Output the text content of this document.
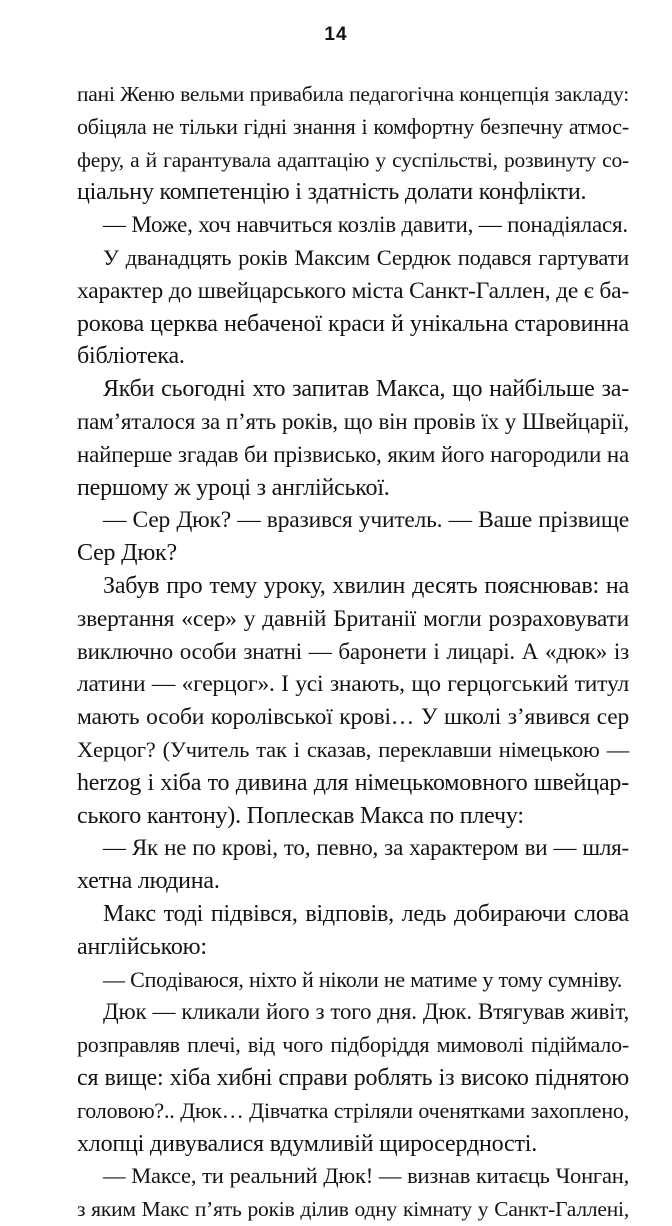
14
пані Женю вельми привабила педагогічна концепція закладу:
обіцяла не тільки гідні знання і комфортну безпечну атмос-
феру, а й гарантувала адаптацію у суспільстві, розвинуту со-
ціальну компетенцію і здатність долати конфлікти.
— Може, хоч навчиться козлів давити, — понадіялася.
У дванадцять років Максим Сердюк подався гартувати
характер до швейцарського міста Санкт-Галлен, де є ба-
рокова церква небаченої краси й унікальна старовинна
бібліотека.
Якби сьогодні хто запитав Макса, що найбільше за-
пам’яталося за п’ять років, що він провів їх у Швейцарії,
найперше згадав би прізвисько, яким його нагородили на
першому ж уроці з англійської.
— Сер Дюк? — вразився учитель. — Ваше прізвище
Сер Дюк?
Забув про тему уроку, хвилин десять пояснював: на
звертання «сер» у давній Британії могли розраховувати
виключно особи знатні — баронети і лицарі. А «дюк» із
латини — «герцог». І усі знають, що герцогський титул
мають особи королівської крові… У школі з’явився сер
Херцог? (Учитель так і сказав, переклавши німецькою —
herzog і хіба то дивина для німецькомовного швейцар-
ського кантону). Поплескав Макса по плечу:
— Як не по крові, то, певно, за характером ви — шля-
хетна людина.
Макс тоді підвівся, відповів, ледь добираючи слова
англійською:
— Сподіваюся, ніхто й ніколи не матиме у тому сумніву.
Дюк — кликали його з того дня. Дюк. Втягував живіт,
розправляв плечі, від чого підборіддя мимоволі підіймало-
ся вище: хіба хибні справи роблять із високо піднятою
головою?.. Дюк… Дівчатка стріляли оченятками захоплено,
хлопці дивувалися вдумливій щиросердності.
— Максе, ти реальний Дюк! — визнав китаєць Чонган,
з яким Макс п’ять років ділив одну кімнату у Санкт-Галлені,
